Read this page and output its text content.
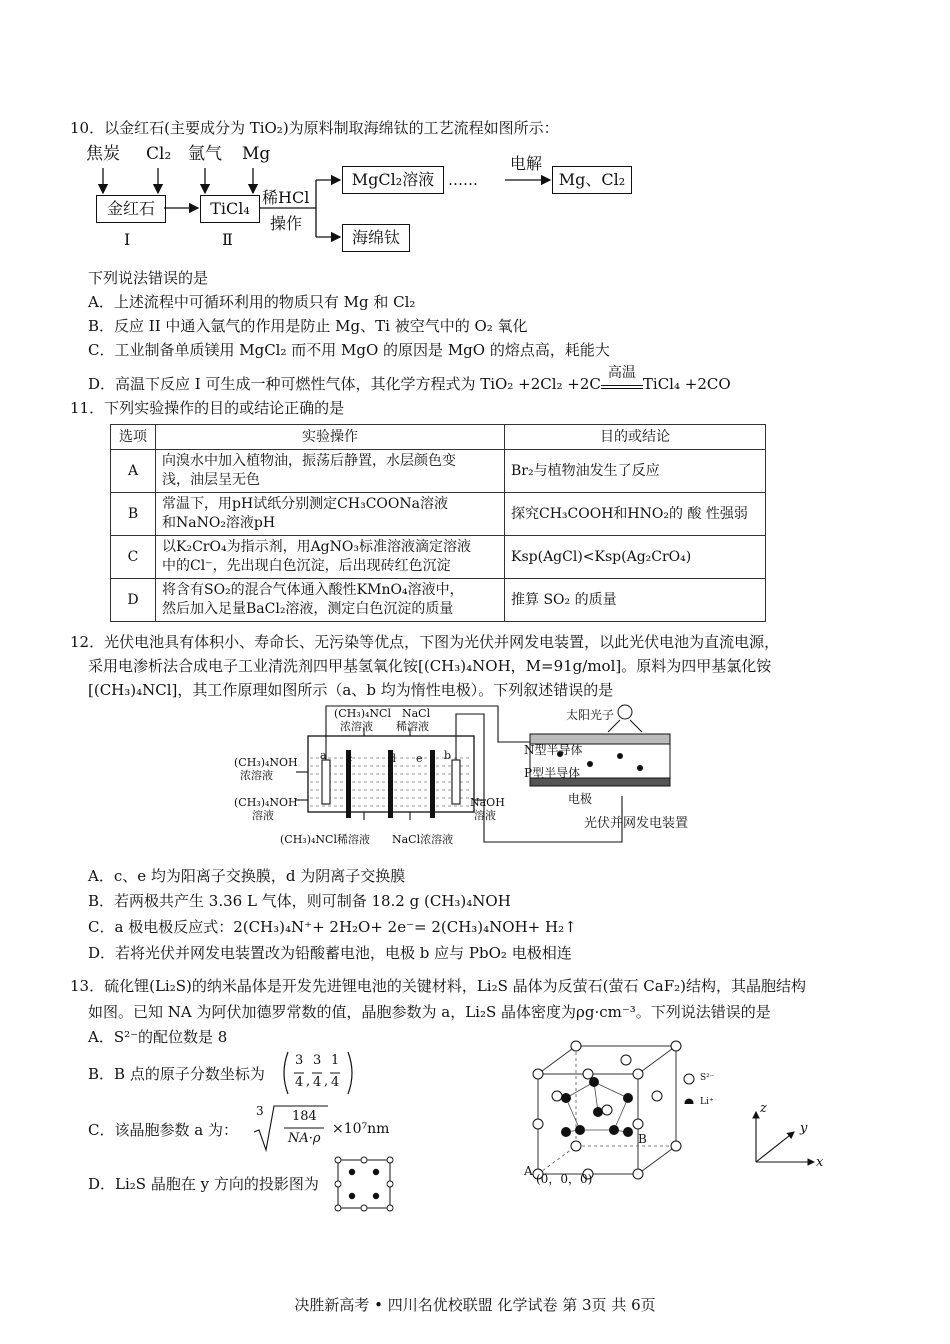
10．以金红石(主要成分为 TiO₂)为原料制取海绵钛的工艺流程如图所示：
焦炭 Cl₂ 氩气 Mg
金红石	TiCl₄
MgCl₂溶液	Mg、Cl₂
海绵钛
稀HCl
操作
……
电解
Ⅰ	Ⅱ
下列说法错误的是
A．上述流程中可循环利用的物质只有 Mg 和 Cl₂
B．反应 II 中通入氩气的作用是防止 Mg、Ti 被空气中的 O₂ 氧化
C．工业制备单质镁用 MgCl₂ 而不用 MgO 的原因是 MgO 的熔点高，耗能大
D．高温下反应 I 可生成一种可燃性气体，其化学方程式为 TiO₂ +2Cl₂ +2C
高温
TiCl₄ +2CO
11．下列实验操作的目的或结论正确的是
选项	实验操作	目的或结论
A	向溴水中加入植物油，振荡后静置，水层颜色变
浅，油层呈无色	Br₂与植物油发生了反应
B	常温下，用pH试纸分别测定CH₃COONa溶液
和NaNO₂溶液pH	探究CH₃COOH和HNO₂的 酸 性强弱
C	以K₂CrO₄为指示剂，用AgNO₃标准溶液滴定溶液
中的Cl⁻，先出现白色沉淀，后出现砖红色沉淀	Ksp(AgCl)<Ksp(Ag₂CrO₄)
D	将含有SO₂的混合气体通入酸性KMnO₄溶液中，
然后加入足量BaCl₂溶液，测定白色沉淀的质量	推算 SO₂ 的质量
12．光伏电池具有体积小、寿命长、无污染等优点，下图为光伏并网发电装置，以此光伏电池为直流电源，
采用电渗析法合成电子工业清洗剂四甲基氢氧化铵[(CH₃)₄NOH，M=91g/mol]。原料为四甲基氯化铵
[(CH₃)₄NCl]，其工作原理如图所示（a、b 均为惰性电极）。下列叙述错误的是
(CH₃)₄NCl
浓溶液
NaCl
稀溶液
(CH₃)₄NOH
浓溶液
(CH₃)₄NOH
溶液
NaOH
溶液
(CH₃)₄NCl稀溶液 NaCl浓溶液
a c	d e b
太阳光子
N型半导体
P型半导体
电极
光伏并网发电装置
A．c、e 均为阳离子交换膜，d 为阴离子交换膜
B．若两极共产生 3.36 L 气体，则可制备 18.2 g (CH₃)₄NOH
C．a 极电极反应式：2(CH₃)₄N⁺+ 2H₂O+ 2e⁻= 2(CH₃)₄NOH+ H₂↑
D．若将光伏并网发电装置改为铅酸蓄电池，电极 b 应与 PbO₂ 电极相连
13．硫化锂(Li₂S)的纳米晶体是开发先进锂电池的关键材料，Li₂S 晶体为反萤石(萤石 CaF₂)结构，其晶胞结构
如图。已知 NA 为阿伏加德罗常数的值，晶胞参数为 a，Li₂S 晶体密度为ρg·cm⁻³。下列说法错误的是
A．S²⁻的配位数是 8
B．B 点的原子分数坐标为
3
4 ,
3
4 ,
1
4
C．该晶胞参数 a 为：
3 184
NA·ρ
×10⁷nm
D．Li₂S 晶胞在 y 方向的投影图为
A
B
(0，0，0)
S²⁻
Li⁺	z
y
x
决胜新高考 • 四川名优校联盟 化学试卷 第 3页 共 6页
